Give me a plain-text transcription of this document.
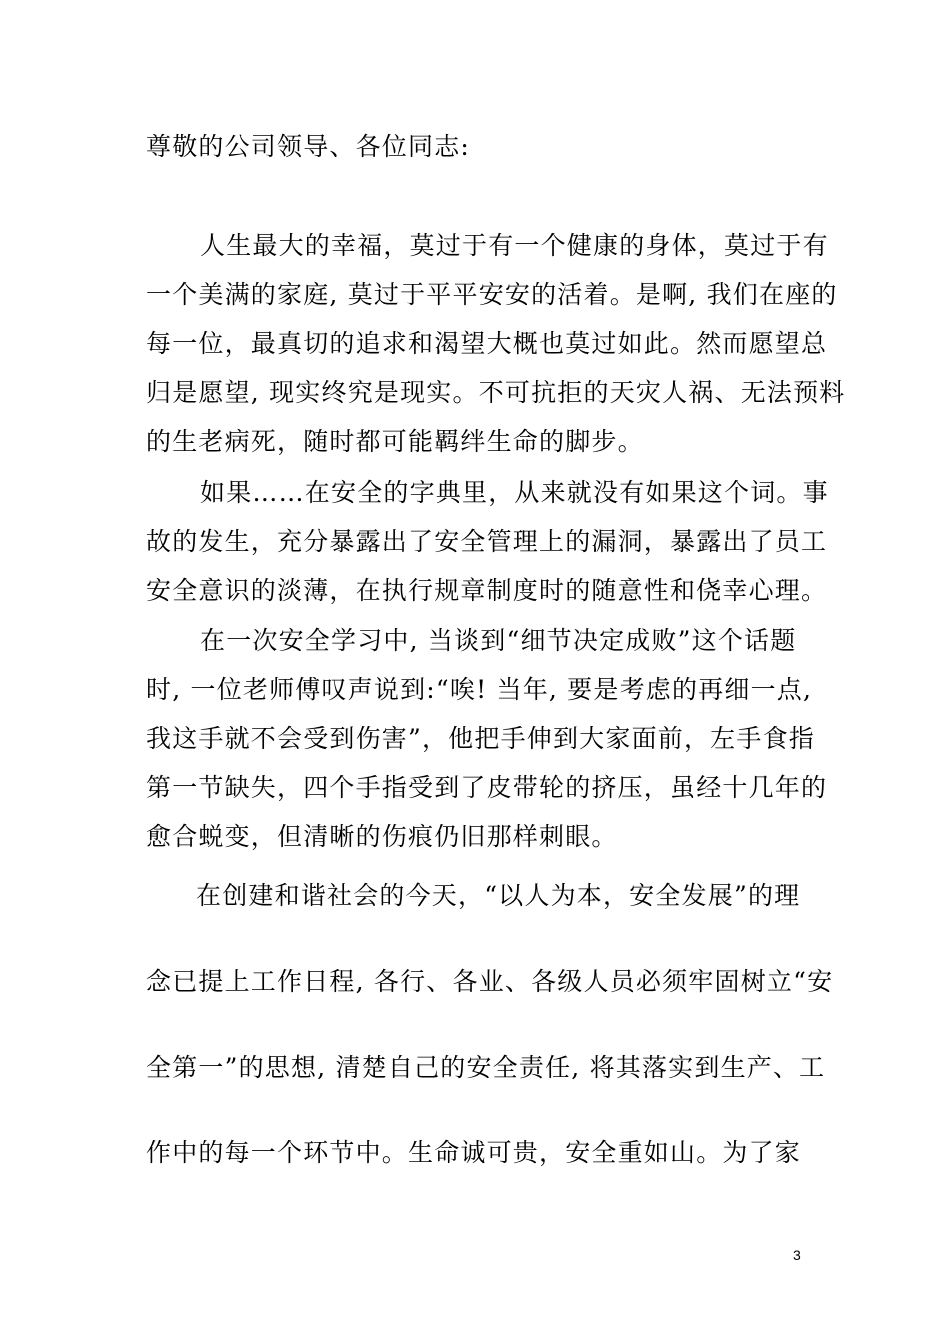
尊敬的公司领导、各位同志:
人生最大的幸福，莫过于有一个健康的身体，莫过于有
一个美满的家庭, 莫过于平平安安的活着。是啊, 我们在座的
每一位，最真切的追求和渴望大概也莫过如此。然而愿望总
归是愿望, 现实终究是现实。不可抗拒的天灾人祸、无法预料
的生老病死，随时都可能羁绊生命的脚步。
如果……在安全的字典里，从来就没有如果这个词。事
故的发生，充分暴露出了安全管理上的漏洞，暴露出了员工
安全意识的淡薄，在执行规章制度时的随意性和侥幸心理。
在一次安全学习中, 当谈到“细节决定成败”这个话题
时, 一位老师傅叹声说到:“唉! 当年, 要是考虑的再细一点,
我这手就不会受到伤害”，他把手伸到大家面前，左手食指
第一节缺失，四个手指受到了皮带轮的挤压，虽经十几年的
愈合蜕变，但清晰的伤痕仍旧那样刺眼。
在创建和谐社会的今天，“以人为本，安全发展”的理
念已提上工作日程, 各行、各业、各级人员必须牢固树立“安
全第一”的思想, 清楚自己的安全责任, 将其落实到生产、工
作中的每一个环节中。生命诚可贵，安全重如山。为了家
3
